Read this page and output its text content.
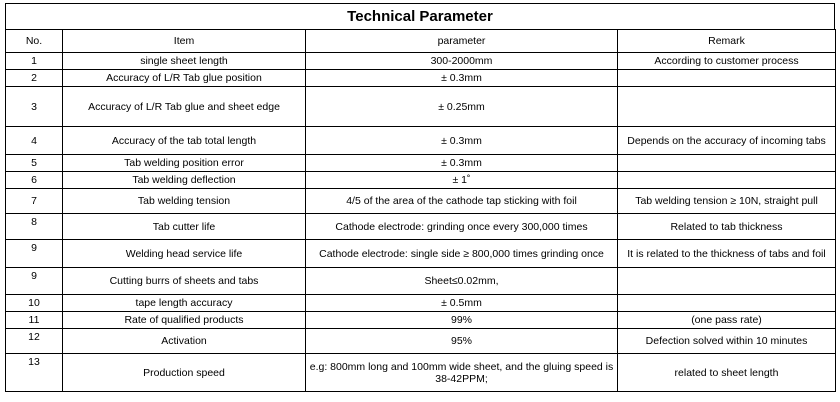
Technical Parameter
No.	Item	parameter	Remark
1	single sheet length	300-2000mm	According to customer process
2	Accuracy of L/R Tab glue position	± 0.3mm	
3	Accuracy of L/R Tab glue and sheet edge	± 0.25mm	
4	Accuracy of the tab total length	± 0.3mm	Depends on the accuracy of incoming tabs
5	Tab welding position error	± 0.3mm	
6	Tab welding deflection	± 1˚	
7	Tab welding tension	4/5 of the area of the cathode tap sticking with foil	Tab welding tension ≥ 10N, straight pull
8	Tab cutter life	Cathode electrode: grinding once every 300,000 times	Related to tab thickness
9	Welding head service life	Cathode electrode: single side ≥ 800,000 times grinding once	It is related to the thickness of tabs and foil
9	Cutting burrs of sheets and tabs	Sheet≤0.02mm,	
10	tape length accuracy	± 0.5mm	
11	Rate of qualified products	99%	(one pass rate)
12	Activation	95%	Defection solved within 10 minutes
13	Production speed	e.g: 800mm long and 100mm wide sheet, and the gluing speed is 38-42PPM;	related to sheet length
